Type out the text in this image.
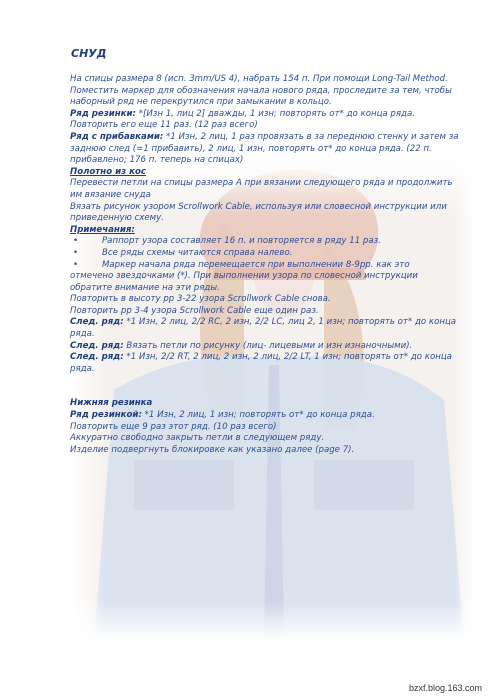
СНУД

На спицы размера 8 (исп. 3mm/US 4), набрать 154 п. При помощи Long-Tail Method. Поместить маркер для обозначения начала нового ряда, проследите за тем, чтобы наборный ряд не перекрутился при замыкании в кольцо.

Ряд резинки: *[Изн 1, лиц 2] дважды, 1 изн; повторять от* до конца ряда. Повторить его еще 11 раз. (12 раз всего)

Ряд с прибавками: *1 Изн, 2 лиц, 1 раз провязать в за переднюю стенку и затем за заднюю след (=1 прибавить), 2 лиц, 1 изн, повторять от* до конца ряда. (22 п. прибавлено; 176 п. теперь на спицах)

Полотно из кос

Перевести петли на спицы размера А при вязании следующего ряда и продолжить им вязание снуда

Вязать рисунок узором Scrollwork Cable, используя или словесной инструкции или приведенную схему.

Примечания:

•	Раппорт узора составляет 16 п. и повторяется в ряду 11 раз.

•	Все ряды схемы читаются справа налево.

•	Маркер начала ряда перемещается при выполнении 8-9рр. как это

отмечено звездочками (*). При выполнении узора по словесной инструкции обратите внимание на эти ряды.

Повторить в высоту рр 3-22 узора Scrollwork Cable снова.

Повторить рр 3-4 узора Scrollwork Cable еще один раз.

След. ряд: *1 Изн, 2 лиц, 2/2 RC, 2 изн, 2/2 LC, лиц 2, 1 изн; повторять от* до конца ряда.

След. ряд: Вязать петли по рисунку (лиц- лицевыми и изн изнаночными).

След. ряд: *1 Изн, 2/2 RT, 2 лиц, 2 изн, 2 лиц, 2/2 LT, 1 изн; повторять от* до конца ряда.

Нижняя резинка

Ряд резинкой: *1 Изн, 2 лиц, 1 изн; повторять от* до конца ряда.

Повторить еще 9 раз этот ряд. (10 раз всего)

Аккуратно свободно закрыть петли в следующем ряду.

Изделие подвергнуть блокировке как указано далее (page 7).

bzxf.blog.163.com
